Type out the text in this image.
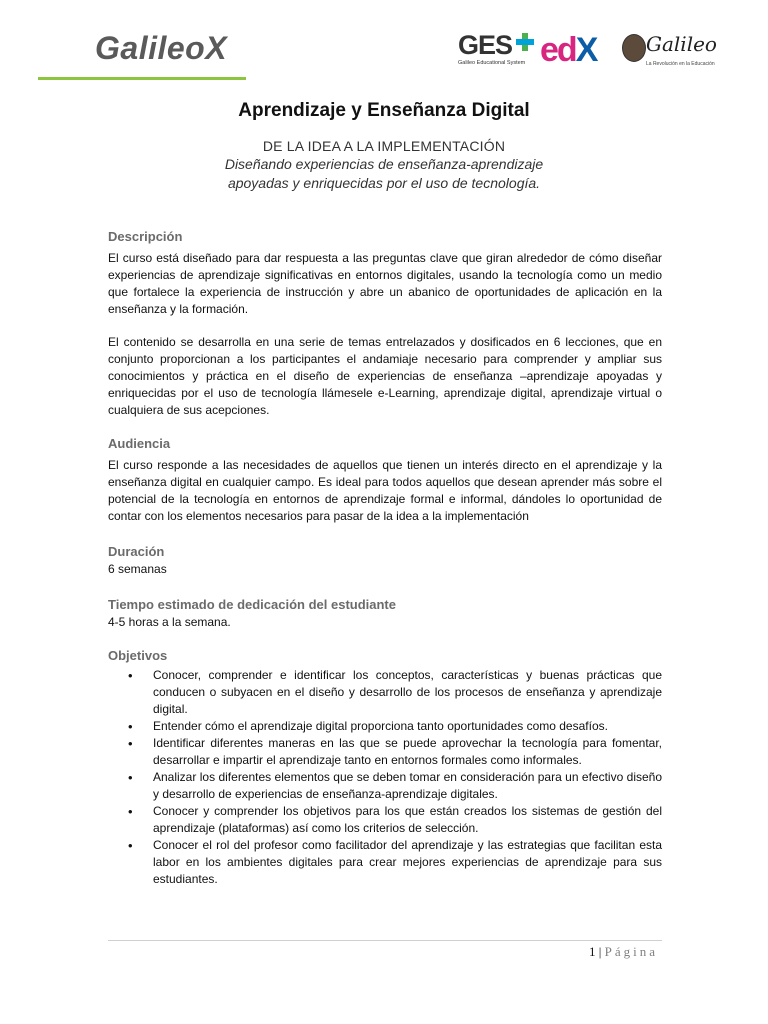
GalileoX	GES
Galileo Educational System edX Galileo
La Revolución en la Educación
Aprendizaje y Enseñanza Digital
DE LA IDEA A LA IMPLEMENTACIÓN
Diseñando experiencias de enseñanza-aprendizaje
apoyadas y enriquecidas por el uso de tecnología.
Descripción

El curso está diseñado para dar respuesta a las preguntas clave que giran alrededor de cómo diseñar experiencias de aprendizaje significativas en entornos digitales, usando la tecnología como un medio que fortalece la experiencia de instrucción y abre un abanico de oportunidades de aplicación en la enseñanza y la formación.

El contenido se desarrolla en una serie de temas entrelazados y dosificados en 6 lecciones, que en conjunto proporcionan a los participantes el andamiaje necesario para comprender y ampliar sus conocimientos y práctica en el diseño de experiencias de enseñanza –aprendizaje apoyadas y enriquecidas por el uso de tecnología llámesele e-Learning, aprendizaje digital, aprendizaje virtual o cualquiera de sus acepciones.

Audiencia

El curso responde a las necesidades de aquellos que tienen un interés directo en el aprendizaje y la enseñanza digital en cualquier campo. Es ideal para todos aquellos que desean aprender más sobre el potencial de la tecnología en entornos de aprendizaje formal e informal, dándoles lo oportunidad de contar con los elementos necesarios para pasar de la idea a la implementación

Duración

6 semanas

Tiempo estimado de dedicación del estudiante

4-5 horas a la semana.

Objetivos
• Conocer, comprender e identificar los conceptos, características y buenas prácticas que conducen o subyacen en el diseño y desarrollo de los procesos de enseñanza y aprendizaje digital.
• Entender cómo el aprendizaje digital proporciona tanto oportunidades como desafíos.
• Identificar diferentes maneras en las que se puede aprovechar la tecnología para fomentar, desarrollar e impartir el aprendizaje tanto en entornos formales como informales.
• Analizar los diferentes elementos que se deben tomar en consideración para un efectivo diseño y desarrollo de experiencias de enseñanza-aprendizaje digitales.
• Conocer y comprender los objetivos para los que están creados los sistemas de gestión del aprendizaje (plataformas) así como los criterios de selección.
• Conocer el rol del profesor como facilitador del aprendizaje y las estrategias que facilitan esta labor en los ambientes digitales para crear mejores experiencias de aprendizaje para sus estudiantes.
1 | Página
